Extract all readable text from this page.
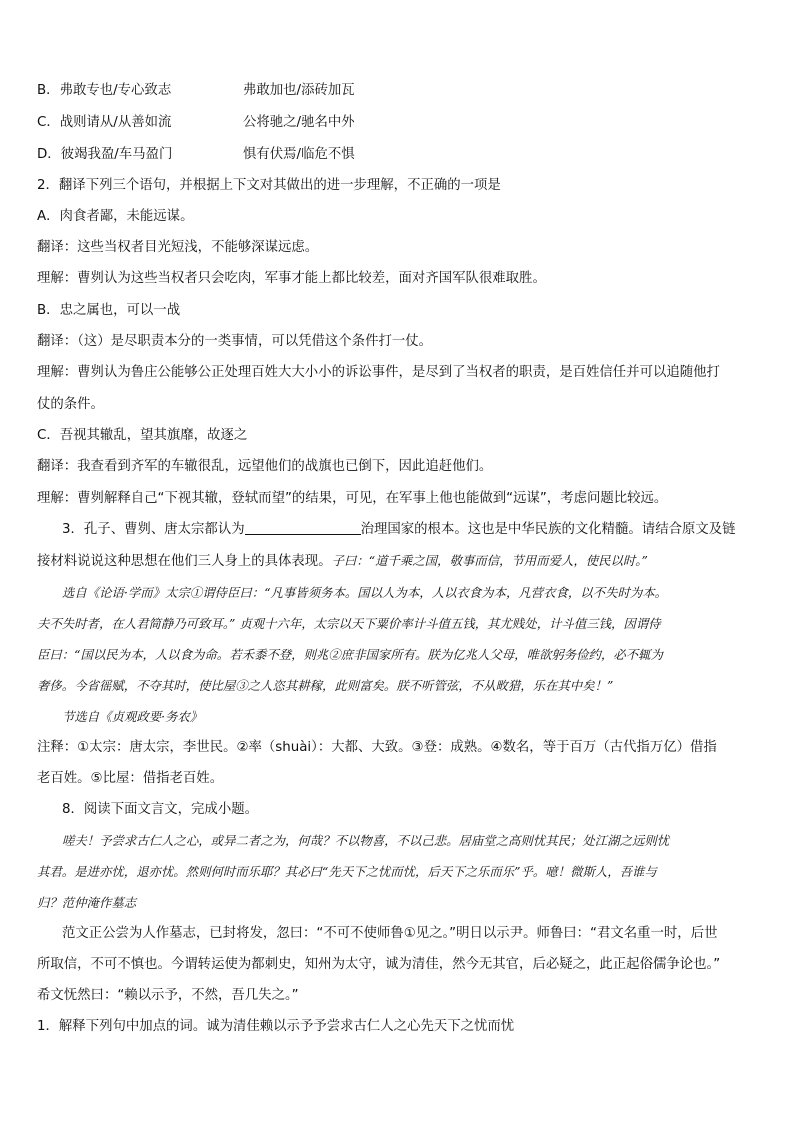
B．弗敢专也/专心致志	弗敢加也/添砖加瓦
C．战则请从/从善如流	公将驰之/驰名中外
D．彼竭我盈/车马盈门	惧有伏焉/临危不惧
2．翻译下列三个语句，并根据上下文对其做出的进一步理解，不正确的一项是
A．肉食者鄙，未能远谋。
翻译：这些当权者目光短浅，不能够深谋远虑。
理解：曹刿认为这些当权者只会吃肉，军事才能上都比较差，面对齐国军队很难取胜。
B．忠之属也，可以一战
翻译：（这）是尽职责本分的一类事情，可以凭借这个条件打一仗。
理解：曹刿认为鲁庄公能够公正处理百姓大大小小的诉讼事件，是尽到了当权者的职责，是百姓信任并可以追随他打
仗的条件。
C．吾视其辙乱，望其旗靡，故逐之
翻译：我查看到齐军的车辙很乱，远望他们的战旗也已倒下，因此追赶他们。
理解：曹刿解释自己“下视其辙，登轼而望”的结果，可见，在军事上他也能做到“远谋”，考虑问题比较远。
3．孔子、曹刿、唐太宗都认为	治理国家的根本。这也是中华民族的文化精髓。请结合原文及链
接材料说说这种思想在他们三人身上的具体表现。子曰：“道千乘之国，敬事而信，节用而爱人，使民以时。”
选自《论语·学而》太宗①谓侍臣曰：“凡事皆须务本。国以人为本，人以衣食为本，凡营衣食，以不失时为本。
夫不失时者，在人君简静乃可致耳。” 贞观十六年，太宗以天下粟价率计斗值五钱，其尤贱处，计斗值三钱，因谓侍
臣曰：“国以民为本，人以食为命。若禾黍不登，则兆②庶非国家所有。朕为亿兆人父母，唯欲躬务俭约，必不辄为
奢侈。今省徭赋，不夺其时，使比屋③之人恣其耕稼，此则富矣。朕不听管弦，不从畋猎，乐在其中矣！”
节选自《贞观政要·务农》
注释：①太宗：唐太宗，李世民。②率（shuài）：大都、大致。③登：成熟。④数名，等于百万（古代指万亿）借指
老百姓。⑤比屋：借指老百姓。
8．阅读下面文言文，完成小题。
嗟夫！予尝求古仁人之心，或异二者之为，何哉？不以物喜，不以己悲。居庙堂之高则忧其民；处江湖之远则忧
其君。是进亦忧，退亦忧。然则何时而乐耶？其必曰“先天下之忧而忧，后天下之乐而乐”乎。噫！微斯人，吾谁与
归？范仲淹作墓志
范文正公尝为人作墓志，已封将发，忽曰：“不可不使师鲁①见之。”明日以示尹。师鲁曰：“君文名重一时，后世
所取信，不可不慎也。今谓转运使为都刺史，知州为太守，诚为清佳，然今无其官，后必疑之，此正起俗儒争论也。”
希文怃然曰：“赖以示予，不然，吾几失之。”
1．解释下列句中加点的词。诚为清佳赖以示予予尝求古仁人之心先天下之忧而忧
